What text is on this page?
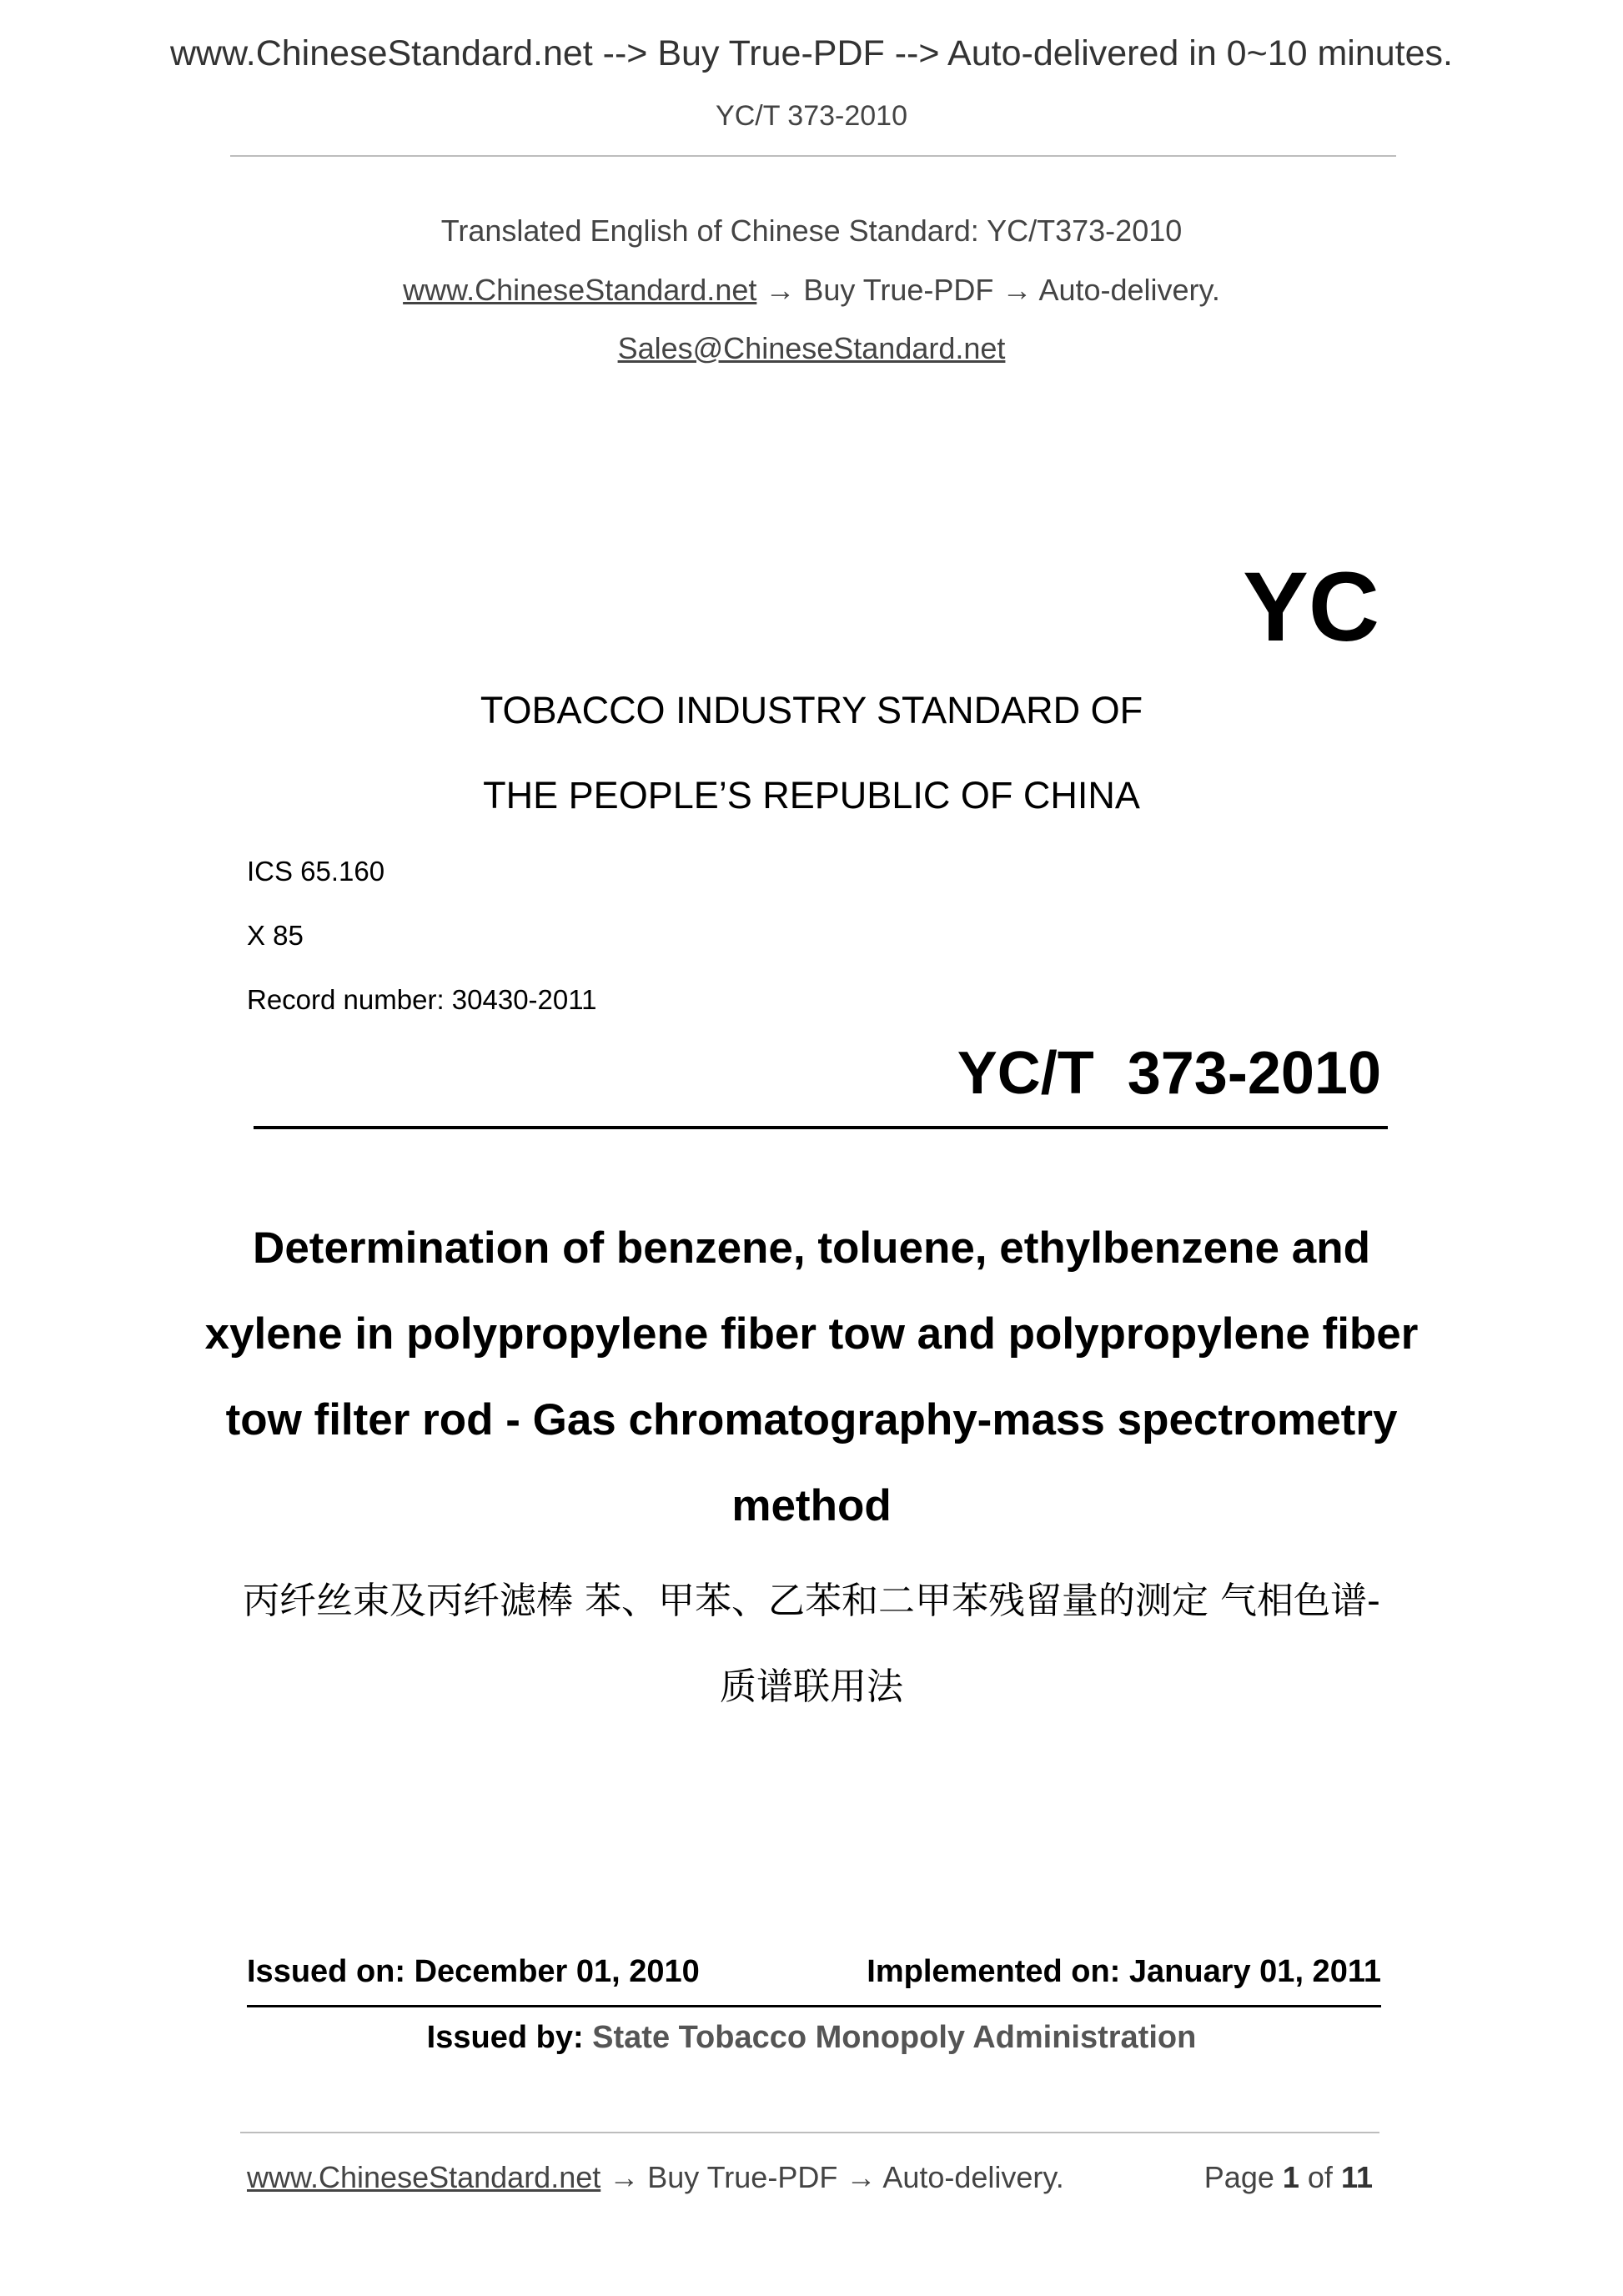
www.ChineseStandard.net --> Buy True-PDF --> Auto-delivered in 0~10 minutes.
YC/T 373-2010
Translated English of Chinese Standard: YC/T373-2010
www.ChineseStandard.net → Buy True-PDF → Auto-delivery.
Sales@ChineseStandard.net
YC
TOBACCO INDUSTRY STANDARD OF
THE PEOPLE’S REPUBLIC OF CHINA
ICS 65.160
X 85
Record number: 30430-2011
YC/T  373-2010
Determination of benzene, toluene, ethylbenzene and xylene in polypropylene fiber tow and polypropylene fiber tow filter rod - Gas chromatography-mass spectrometry method
丙纤丝束及丙纤滤棒 苯、甲苯、乙苯和二甲苯残留量的测定 气相色谱-质谱联用法
Issued on: December 01, 2010	Implemented on: January 01, 2011
Issued by: State Tobacco Monopoly Administration
www.ChineseStandard.net → Buy True-PDF → Auto-delivery.	Page 1 of 11
